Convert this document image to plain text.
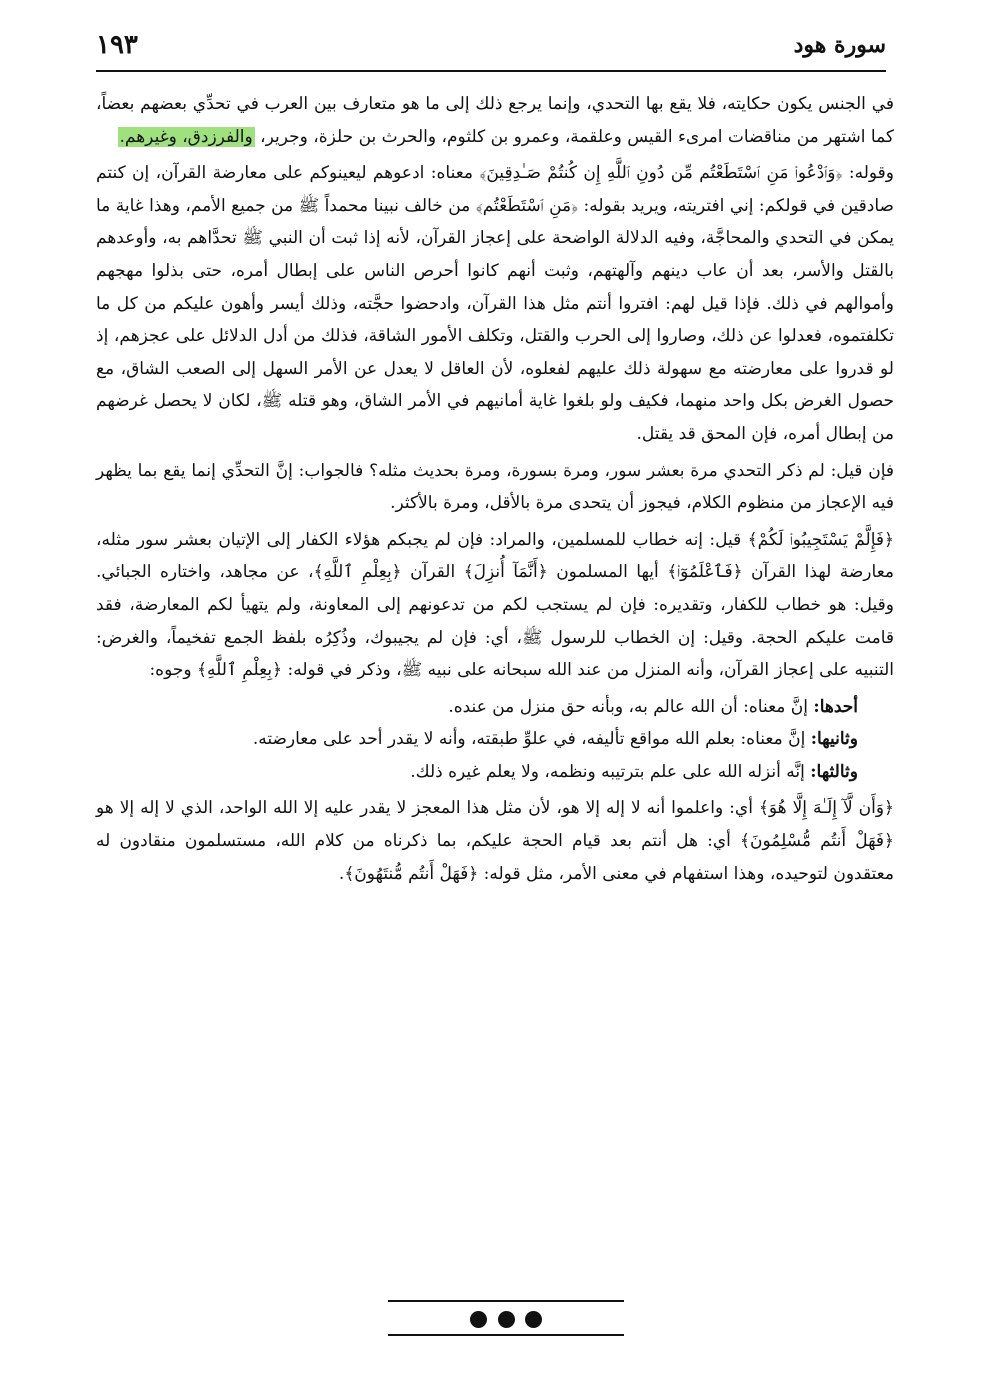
١٩٣	سورة هود

في الجنس يكون حكايته، فلا يقع بها التحدي، وإنما يرجع ذلك إلى ما هو متعارف بين العرب في تحدِّي بعضهم بعضاً، كما اشتهر من مناقضات امرىء القيس وعلقمة، وعمرو بن كلثوم، والحرث بن حلزة، وجرير، والفرزدق، وغيرهم.

وقوله: ﴿وَٱدْعُوا۟ مَنِ ٱسْتَطَعْتُم مِّن دُونِ ٱللَّهِ إِن كُنتُمْ صَـٰدِقِينَ﴾ معناه: ادعوهم ليعينوكم على معارضة القرآن، إن كنتم صادقين في قولكم: إني افتريته، ويريد بقوله: ﴿مَنِ ٱسْتَطَعْتُم﴾ من خالف نبينا محمداً ﷺ من جميع الأمم، وهذا غاية ما يمكن في التحدي والمحاجَّة، وفيه الدلالة الواضحة على إعجاز القرآن، لأنه إذا ثبت أن النبي ﷺ تحدَّاهم به، وأوعدهم بالقتل والأسر، بعد أن عاب دينهم وآلهتهم، وثبت أنهم كانوا أحرص الناس على إبطال أمره، حتى بذلوا مهجهم وأموالهم في ذلك. فإذا قيل لهم: افتروا أنتم مثل هذا القرآن، وادحضوا حجَّته، وذلك أيسر وأهون عليكم من كل ما تكلفتموه، فعدلوا عن ذلك، وصاروا إلى الحرب والقتل، وتكلف الأمور الشاقة، فذلك من أدل الدلائل على عجزهم، إذ لو قدروا على معارضته مع سهولة ذلك عليهم لفعلوه، لأن العاقل لا يعدل عن الأمر السهل إلى الصعب الشاق، مع حصول الغرض بكل واحد منهما، فكيف ولو بلغوا غاية أمانيهم في الأمر الشاق، وهو قتله ﷺ، لكان لا يحصل غرضهم من إبطال أمره، فإن المحق قد يقتل.

فإن قيل: لم ذكر التحدي مرة بعشر سور، ومرة بسورة، ومرة بحديث مثله؟ فالجواب: إنَّ التحدِّي إنما يقع بما يظهر فيه الإعجاز من منظوم الكلام، فيجوز أن يتحدى مرة بالأقل، ومرة بالأكثر.

﴿فَإِلَّمْ يَسْتَجِيبُوا۟ لَكُمْ﴾ قيل: إنه خطاب للمسلمين، والمراد: فإن لم يجبكم هؤلاء الكفار إلى الإتيان بعشر سور مثله، معارضة لهذا القرآن ﴿فَٱعْلَمُوٓا۟﴾ أيها المسلمون ﴿أَنَّمَآ أُنزِلَ﴾ القرآن ﴿بِعِلْمِ ٱللَّهِ﴾، عن مجاهد، واختاره الجبائي. وقيل: هو خطاب للكفار، وتقديره: فإن لم يستجب لكم من تدعونهم إلى المعاونة، ولم يتهيأ لكم المعارضة، فقد قامت عليكم الحجة. وقيل: إن الخطاب للرسول ﷺ، أي: فإن لم يجيبوك، وذُكِرُه بلفظ الجمع تفخيماً، والغرض: التنبيه على إعجاز القرآن، وأنه المنزل من عند الله سبحانه على نبيه ﷺ، وذكر في قوله: ﴿بِعِلْمِ ٱللَّهِ﴾ وجوه:

أحدها: إنَّ معناه: أن الله عالم به، وبأنه حق منزل من عنده.

وثانيها: إنَّ معناه: بعلم الله مواقع تأليفه، في علوِّ طبقته، وأنه لا يقدر أحد على معارضته.

وثالثها: إنَّه أنزله الله على علم بترتيبه ونظمه، ولا يعلم غيره ذلك.

﴿وَأَن لَّآ إِلَـٰهَ إِلَّا هُوَ﴾ أي: واعلموا أنه لا إله إلا هو، لأن مثل هذا المعجز لا يقدر عليه إلا الله الواحد، الذي لا إله إلا هو ﴿فَهَلْ أَنتُم مُّسْلِمُونَ﴾ أي: هل أنتم بعد قيام الحجة عليكم، بما ذكرناه من كلام الله، مستسلمون منقادون له معتقدون لتوحيده، وهذا استفهام في معنى الأمر، مثل قوله: ﴿فَهَلْ أَنتُم مُّنتَهُونَ﴾.
